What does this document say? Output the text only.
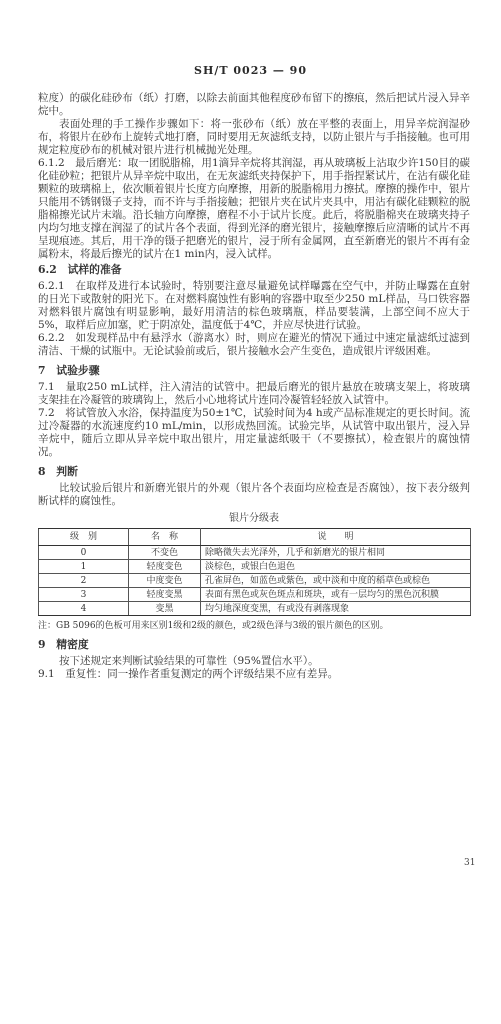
SH/T 0023 — 90

粒度）的碳化硅砂布（纸）打磨，以除去前面其他程度砂布留下的擦痕，然后把试片浸入异辛烷中。

表面处理的手工操作步骤如下：将一张砂布（纸）放在平整的表面上，用异辛烷润湿砂布，将银片在砂布上旋转式地打磨，同时要用无灰滤纸支持，以防止银片与手指接触。也可用规定粒度砂布的机械对银片进行机械抛光处理。

6.1.2　最后磨光：取一团脱脂棉，用1滴异辛烷将其润湿，再从玻璃板上沾取少许150目的碳化硅砂粒；把银片从异辛烷中取出，在无灰滤纸夹持保护下，用手指捏紧试片，在沾有碳化硅颗粒的玻璃棉上，依次顺着银片长度方向摩擦，用新的脱脂棉用力擦拭。摩擦的操作中，银片只能用不锈钢镊子支持，而不许与手指接触；把银片夹在试片夹具中，用沾有碳化硅颗粒的脱脂棉擦光试片末端。沿长轴方向摩擦，磨程不小于试片长度。此后，将脱脂棉夹在玻璃夹持子内均匀地支撑在润湿了的试片各个表面，得到光泽的磨光银片，接触摩擦后应清晰的试片不再呈现痕迹。其后，用干净的镊子把磨光的银片，浸于所有金属网，直至新磨光的银片不再有金属粉末，将最后擦光的试片在1 min内，浸入试样。

6.2　试样的准备

6.2.1　在取样及进行本试验时，特别要注意尽量避免试样曝露在空气中，并防止曝露在直射的日光下或散射的阳光下。在对燃料腐蚀性有影响的容器中取至少250 mL样品，马口铁容器对燃料银片腐蚀有明显影响，最好用清洁的棕色玻璃瓶，样品要装满，上部空间不应大于5%，取样后应加塞，贮于阴凉处，温度低于4℃，并应尽快进行试验。

6.2.2　如发现样品中有悬浮水（游离水）时，则应在避光的情况下通过中速定量滤纸过滤到清洁、干燥的试瓶中。无论试验前或后，银片接触水会产生变色，造成银片评级困难。

7　试验步骤

7.1　量取250 mL试样，注入清洁的试管中。把最后磨光的银片悬放在玻璃支架上，将玻璃支架挂在冷凝管的玻璃钩上，然后小心地将试片连同冷凝管轻轻放入试管中。

7.2　将试管放入水浴，保持温度为50±1℃，试验时间为4 h或产品标准规定的更长时间。流过冷凝器的水流速度约10 mL/min，以形成热回流。试验完毕，从试管中取出银片，浸入异辛烷中，随后立即从异辛烷中取出银片，用定量滤纸吸干（不要擦拭），检查银片的腐蚀情况。

8　判断

比较试验后银片和新磨光银片的外观（银片各个表面均应检查是否腐蚀），按下表分级判断试样的腐蚀性。

银片分级表
级　别	名　称	说　　明
0	不变色	除略微失去光泽外，几乎和新磨光的银片相同
1	轻度变色	淡棕色，或银白色退色
2	中度变色	孔雀屏色，如蓝色或紫色，或中淡和中度的稻草色或棕色
3	轻度变黑	表面有黑色或灰色斑点和斑块，或有一层均匀的黑色沉积膜
4	变黑	均匀地深度变黑，有或没有剥落现象

注：GB 5096的色板可用来区别1级和2级的颜色，或2级色泽与3级的银片颜色的区别。

9　精密度

按下述规定来判断试验结果的可靠性（95%置信水平）。

9.1　重复性：同一操作者重复测定的两个评级结果不应有差异。

31
